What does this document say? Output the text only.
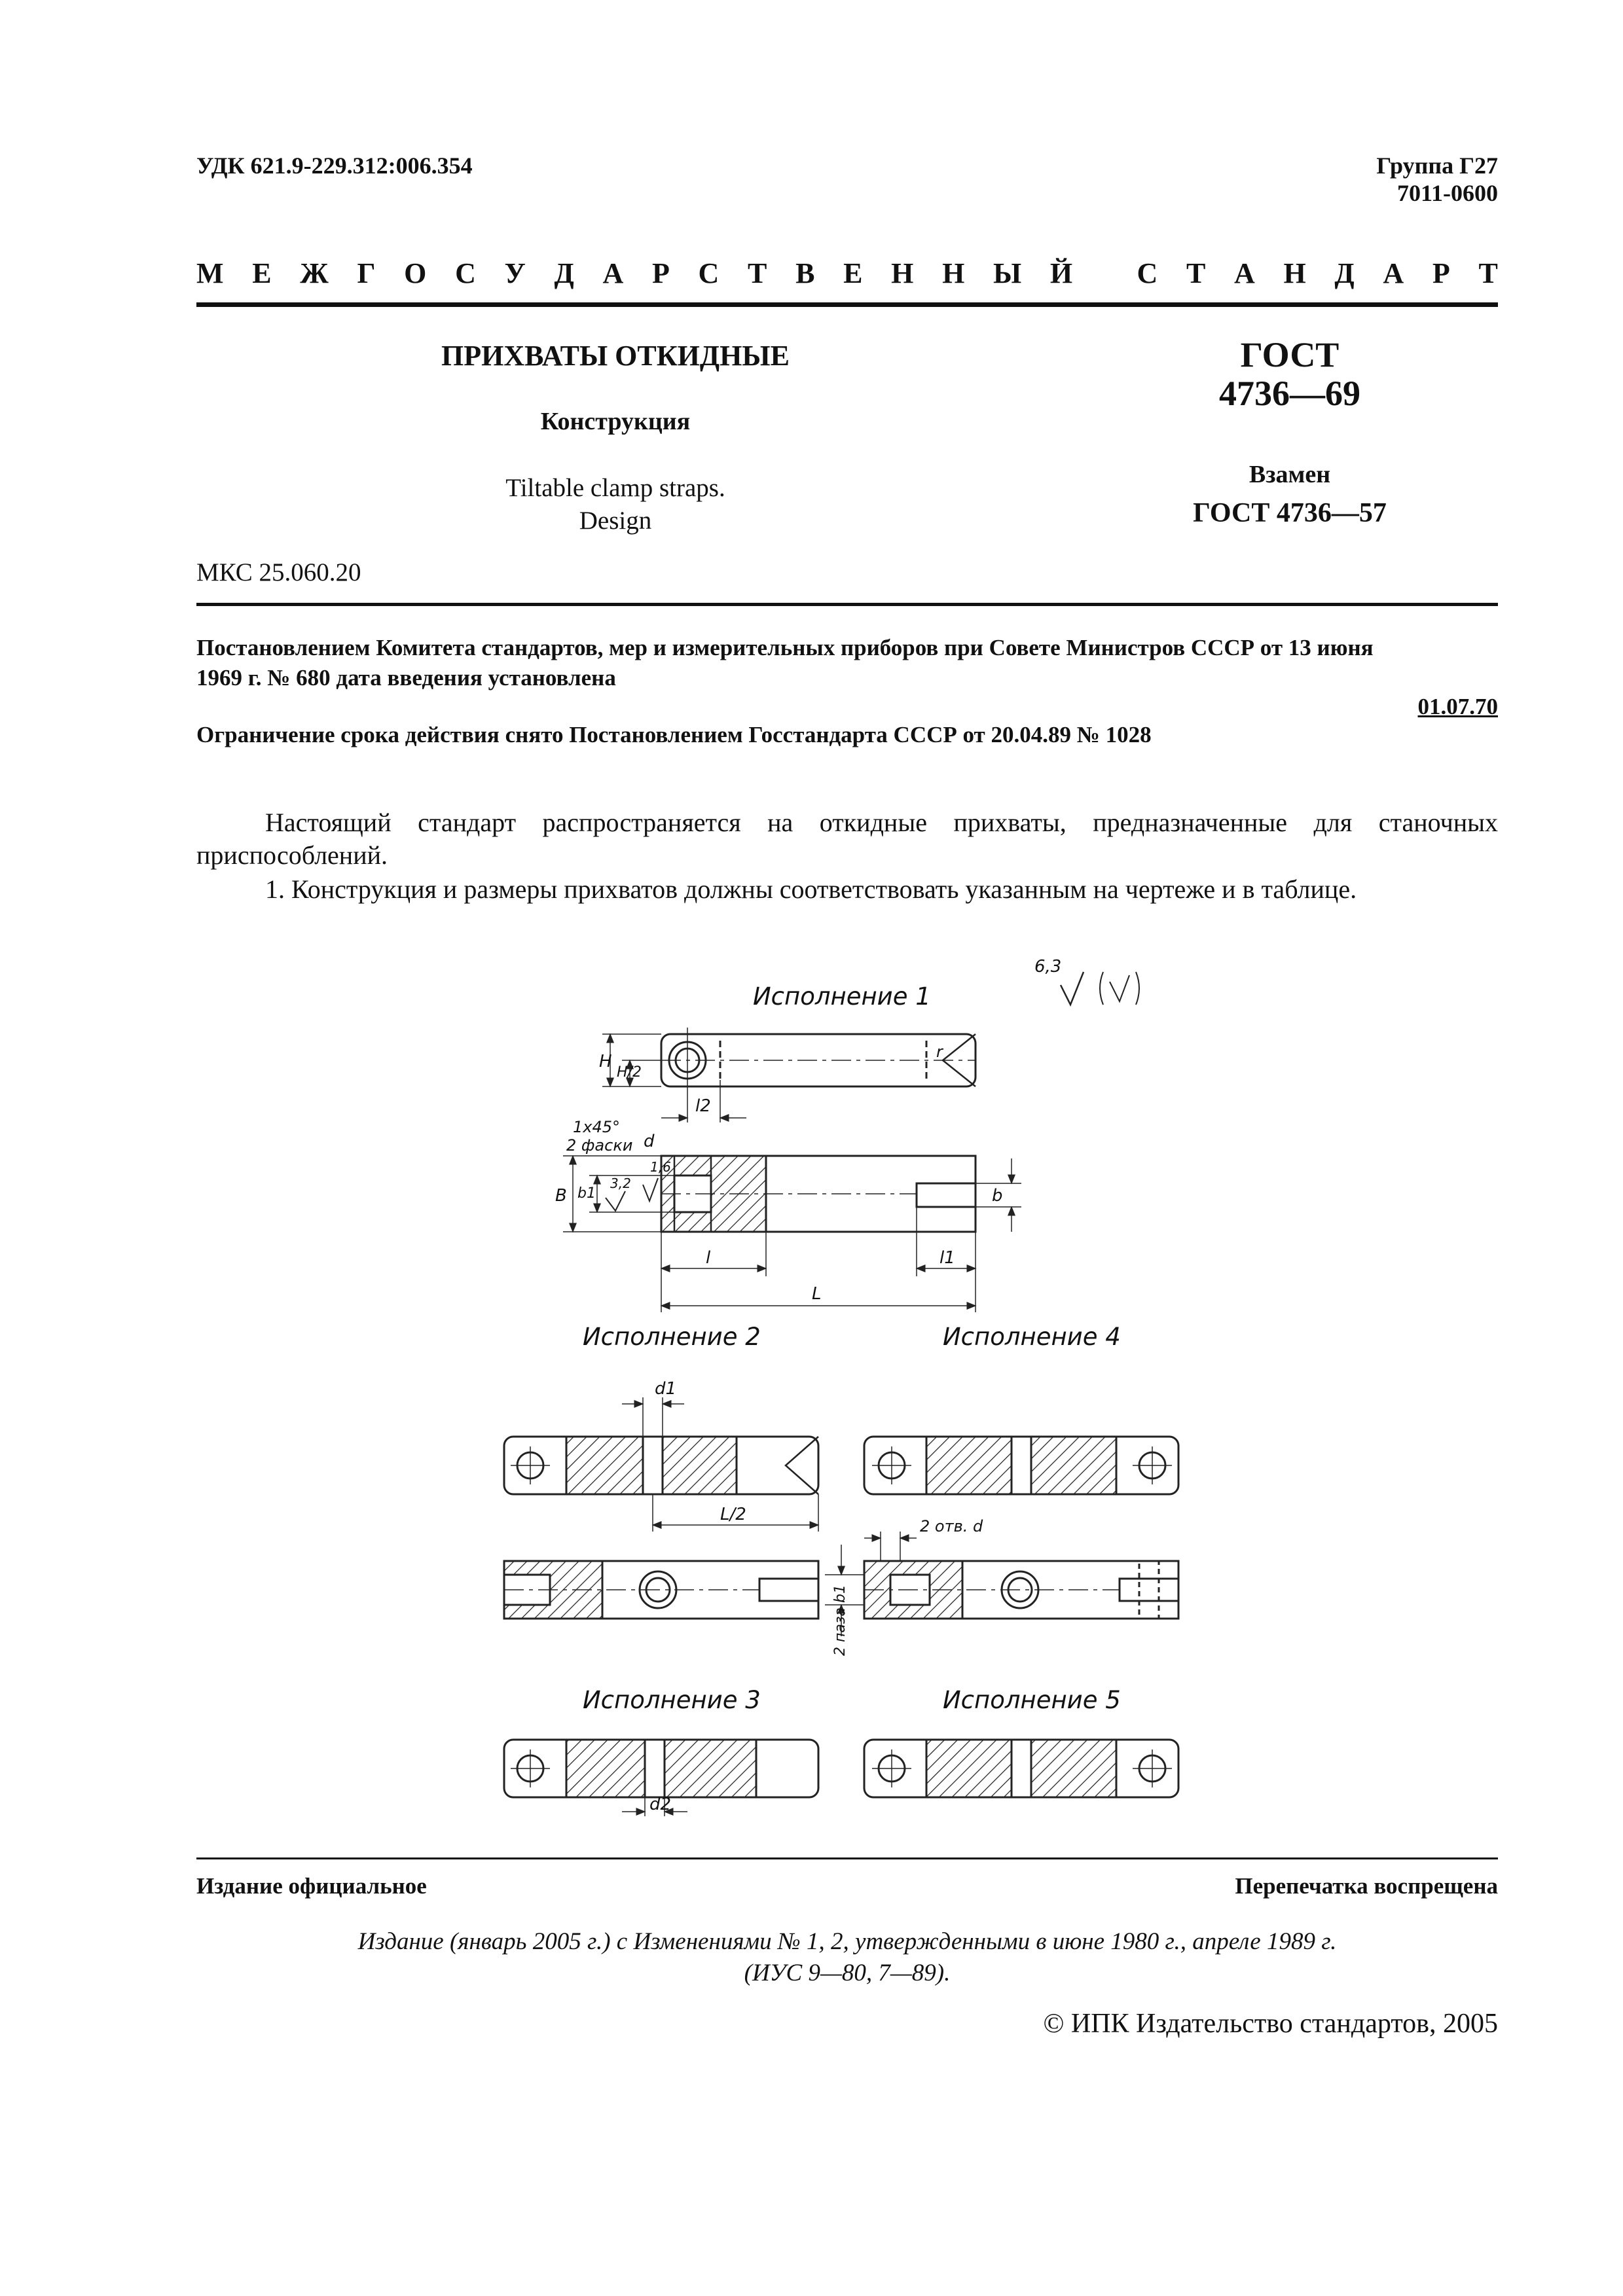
УДК 621.9-229.312:006.354	Группа Г27
7011-0600
М Е Ж Г О С У Д А Р С Т В Е Н Н Ы Й
С Т А Н Д А Р Т
ПРИХВАТЫ ОТКИДНЫЕ
Конструкция
Tiltable clamp straps.
Design
ГОСТ
4736—69
Взамен
ГОСТ 4736—57
МКС 25.060.20
Постановлением Комитета стандартов, мер и измерительных приборов при Совете Министров СССР от 13 июня
1969 г. № 680 дата введения установлена
01.07.70
Ограничение срока действия снято Постановлением Госстандарта СССР от 20.04.89 № 1028
Настоящий стандарт распространяется на откидные прихваты, предназначенные для станочных приспособлений.
1. Конструкция и размеры прихватов должны соответствовать указанным на чертеже и в таблице.
Исполнение 1
Исполнение 2	Исполнение 4
Исполнение 3	Исполнение 5
6,3
H
H/2
l2
1x45°
2 фаски d
B b1
3,2
1,6
l
L
l1
b
r
d1
L/2
2 отв. d
2 паза b1
d2
Издание официальное	Перепечатка воспрещена
Издание (январь 2005 г.) с Изменениями № 1, 2, утвержденными в июне 1980 г., апреле 1989 г.
(ИУС 9—80, 7—89).
© ИПК Издательство стандартов, 2005
